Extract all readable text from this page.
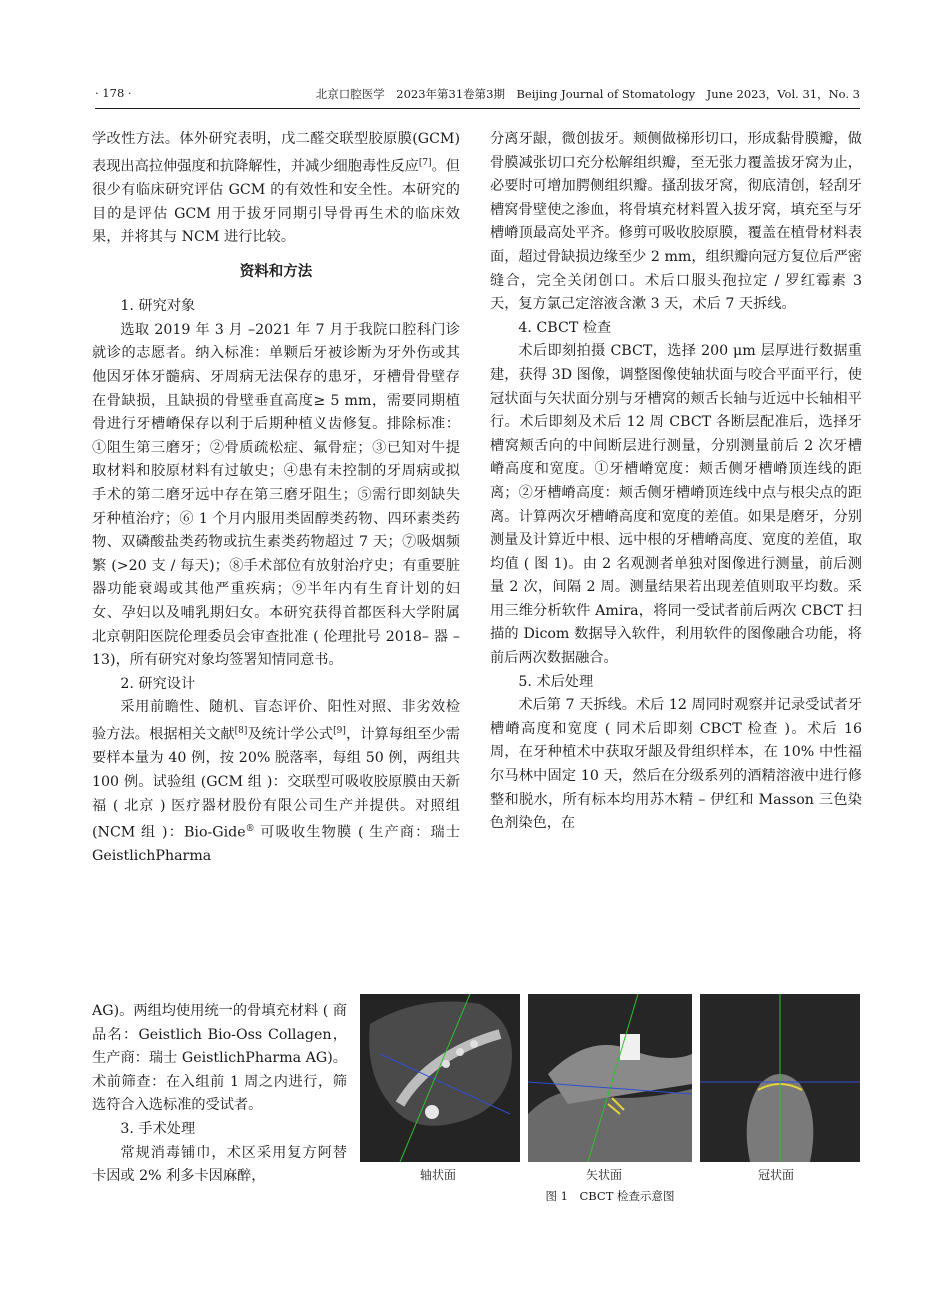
· 178 ·	北京口腔医学　2023年第31卷第3期　Beijing Journal of Stomatology　June 2023，Vol. 31，No. 3

学改性方法。体外研究表明，戊二醛交联型胶原膜(GCM) 表现出高拉伸强度和抗降解性，并减少细胞毒性反应[7]。但很少有临床研究评估 GCM 的有效性和安全性。本研究的目的是评估 GCM 用于拔牙同期引导骨再生术的临床效果，并将其与 NCM 进行比较。

资料和方法
1. 研究对象

选取 2019 年 3 月 –2021 年 7 月于我院口腔科门诊就诊的志愿者。纳入标准：单颗后牙被诊断为牙外伤或其他因牙体牙髓病、牙周病无法保存的患牙，牙槽骨骨壁存在骨缺损，且缺损的骨壁垂直高度≥ 5 mm，需要同期植骨进行牙槽嵴保存以利于后期种植义齿修复。排除标准：①阻生第三磨牙；②骨质疏松症、氟骨症；③已知对牛提取材料和胶原材料有过敏史；④患有未控制的牙周病或拟手术的第二磨牙远中存在第三磨牙阻生；⑤需行即刻缺失牙种植治疗；⑥ 1 个月内服用类固醇类药物、四环素类药物、双磷酸盐类药物或抗生素类药物超过 7 天；⑦吸烟频繁 (>20 支 / 每天)；⑧手术部位有放射治疗史；有重要脏器功能衰竭或其他严重疾病；⑨半年内有生育计划的妇女、孕妇以及哺乳期妇女。本研究获得首都医科大学附属北京朝阳医院伦理委员会审查批准 ( 伦理批号 2018– 器 –13)，所有研究对象均签署知情同意书。

2. 研究设计

采用前瞻性、随机、盲态评价、阳性对照、非劣效检验方法。根据相关文献[8]及统计学公式[9]，计算每组至少需要样本量为 40 例，按 20% 脱落率，每组 50 例，两组共 100 例。试验组 (GCM 组 )：交联型可吸收胶原膜由天新福 ( 北京 ) 医疗器材股份有限公司生产并提供。对照组 (NCM 组 )：Bio-Gide® 可吸收生物膜 ( 生产商：瑞士 GeistlichPharma

AG)。两组均使用统一的骨填充材料 ( 商品名：Geistlich Bio-Oss Collagen，生产商：瑞士 GeistlichPharma AG)。术前筛查：在入组前 1 周之内进行，筛选符合入选标准的受试者。

3. 手术处理

常规消毒铺巾，术区采用复方阿替卡因或 2% 利多卡因麻醉，

分离牙龈，微创拔牙。颊侧做梯形切口，形成黏骨膜瓣，做骨膜减张切口充分松解组织瓣，至无张力覆盖拔牙窝为止，必要时可增加腭侧组织瓣。搔刮拔牙窝，彻底清创，轻刮牙槽窝骨壁使之渗血，将骨填充材料置入拔牙窝，填充至与牙槽嵴顶最高处平齐。修剪可吸收胶原膜，覆盖在植骨材料表面，超过骨缺损边缘至少 2 mm，组织瓣向冠方复位后严密缝合，完全关闭创口。术后口服头孢拉定 / 罗红霉素 3 天，复方氯己定溶液含漱 3 天，术后 7 天拆线。

4. CBCT 检查

术后即刻拍摄 CBCT，选择 200 μm 层厚进行数据重建，获得 3D 图像，调整图像使轴状面与咬合平面平行，使冠状面与矢状面分别与牙槽窝的颊舌长轴与近远中长轴相平行。术后即刻及术后 12 周 CBCT 各断层配准后，选择牙槽窝颊舌向的中间断层进行测量，分别测量前后 2 次牙槽嵴高度和宽度。①牙槽嵴宽度：颊舌侧牙槽嵴顶连线的距离；②牙槽嵴高度：颊舌侧牙槽嵴顶连线中点与根尖点的距离。计算两次牙槽嵴高度和宽度的差值。如果是磨牙，分别测量及计算近中根、远中根的牙槽嵴高度、宽度的差值，取均值 ( 图 1)。由 2 名观测者单独对图像进行测量，前后测量 2 次，间隔 2 周。测量结果若出现差值则取平均数。采用三维分析软件 Amira，将同一受试者前后两次 CBCT 扫描的 Dicom 数据导入软件，利用软件的图像融合功能，将前后两次数据融合。

5. 术后处理

术后第 7 天拆线。术后 12 周同时观察并记录受试者牙槽嵴高度和宽度 ( 同术后即刻 CBCT 检查 )。术后 16 周，在牙种植术中获取牙龈及骨组织样本，在 10% 中性福尔马林中固定 10 天，然后在分级系列的酒精溶液中进行修整和脱水，所有标本均用苏木精 – 伊红和 Masson 三色染色剂染色，在

轴状面	矢状面	冠状面
图 1　CBCT 检查示意图
